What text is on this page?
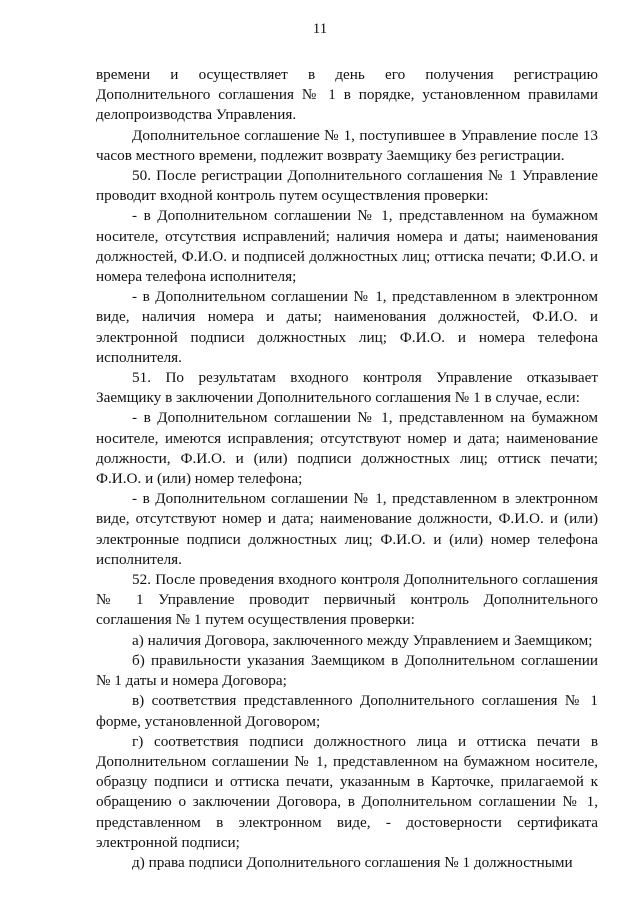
11

времени и осуществляет в день его получения регистрацию Дополнительного соглашения № 1 в порядке, установленном правилами делопроизводства Управления.

Дополнительное соглашение № 1, поступившее в Управление после 13 часов местного времени, подлежит возврату Заемщику без регистрации.

50. После регистрации Дополнительного соглашения № 1 Управление проводит входной контроль путем осуществления проверки:

- в Дополнительном соглашении № 1, представленном на бумажном носителе, отсутствия исправлений; наличия номера и даты; наименования должностей, Ф.И.О. и подписей должностных лиц; оттиска печати; Ф.И.О. и номера телефона исполнителя;

- в Дополнительном соглашении № 1, представленном в электронном виде, наличия номера и даты; наименования должностей, Ф.И.О. и электронной подписи должностных лиц; Ф.И.О. и номера телефона исполнителя.

51. По результатам входного контроля Управление отказывает Заемщику в заключении Дополнительного соглашения № 1 в случае, если:

- в Дополнительном соглашении № 1, представленном на бумажном носителе, имеются исправления; отсутствуют номер и дата; наименование должности, Ф.И.О. и (или) подписи должностных лиц; оттиск печати; Ф.И.О. и (или) номер телефона;

- в Дополнительном соглашении № 1, представленном в электронном виде, отсутствуют номер и дата; наименование должности, Ф.И.О. и (или) электронные подписи должностных лиц; Ф.И.О. и (или) номер телефона исполнителя.

52. После проведения входного контроля Дополнительного соглашения № 1 Управление проводит первичный контроль Дополнительного соглашения № 1 путем осуществления проверки:

а) наличия Договора, заключенного между Управлением и Заемщиком;

б) правильности указания Заемщиком в Дополнительном соглашении № 1 даты и номера Договора;

в) соответствия представленного Дополнительного соглашения № 1 форме, установленной Договором;

г) соответствия подписи должностного лица и оттиска печати в Дополнительном соглашении № 1, представленном на бумажном носителе, образцу подписи и оттиска печати, указанным в Карточке, прилагаемой к обращению о заключении Договора, в Дополнительном соглашении № 1, представленном в электронном виде, - достоверности сертификата электронной подписи;

д) права подписи Дополнительного соглашения № 1 должностными
